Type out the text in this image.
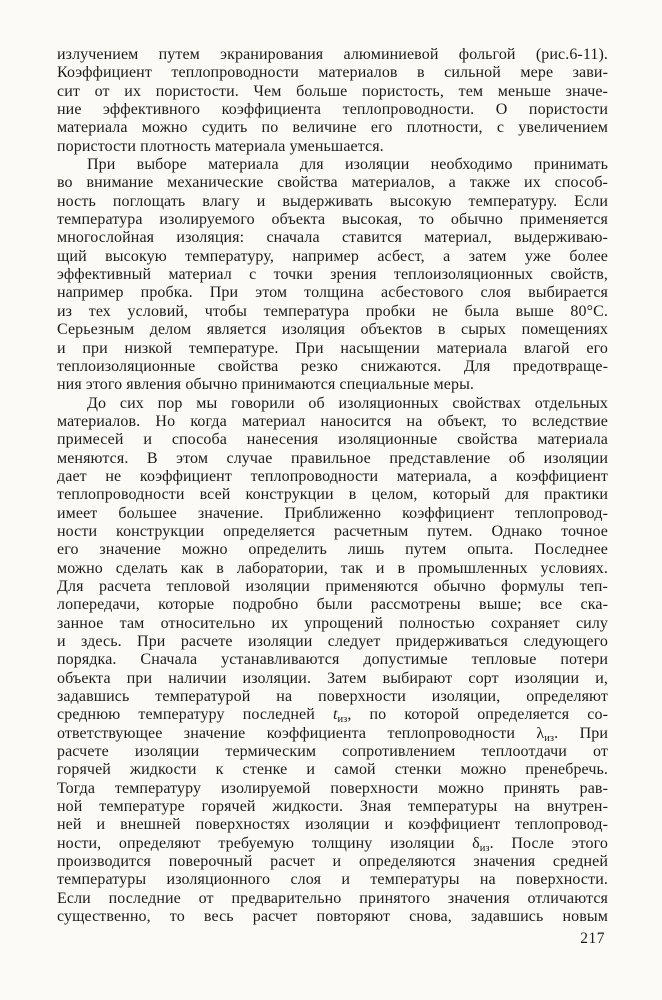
излучением путем экранирования алюминиевой фольгой (рис.6-11).
Коэффициент теплопроводности материалов в сильной мере зави-
сит от их пористости. Чем больше пористость, тем меньше значе-
ние эффективного коэффициента теплопроводности. О пористости
материала можно судить по величине его плотности, с увеличением
пористости плотность материала уменьшается.
При выборе материала для изоляции необходимо принимать
во внимание механические свойства материалов, а также их способ-
ность поглощать влагу и выдерживать высокую температуру. Если
температура изолируемого объекта высокая, то обычно применяется
многослойная изоляция: сначала ставится материал, выдерживаю-
щий высокую температуру, например асбест, а затем уже более
эффективный материал с точки зрения теплоизоляционных свойств,
например пробка. При этом толщина асбестового слоя выбирается
из тех условий, чтобы температура пробки не была выше 80°С.
Серьезным делом является изоляция объектов в сырых помещениях
и при низкой температуре. При насыщении материала влагой его
теплоизоляционные свойства резко снижаются. Для предотвраще-
ния этого явления обычно принимаются специальные меры.
До сих пор мы говорили об изоляционных свойствах отдельных
материалов. Но когда материал наносится на объект, то вследствие
примесей и способа нанесения изоляционные свойства материала
меняются. В этом случае правильное представление об изоляции
дает не коэффициент теплопроводности материала, а коэффициент
теплопроводности всей конструкции в целом, который для практики
имеет большее значение. Приближенно коэффициент теплопровод-
ности конструкции определяется расчетным путем. Однако точное
его значение можно определить лишь путем опыта. Последнее
можно сделать как в лаборатории, так и в промышленных условиях.
Для расчета тепловой изоляции применяются обычно формулы теп-
лопередачи, которые подробно были рассмотрены выше; все ска-
занное там относительно их упрощений полностью сохраняет силу
и здесь. При расчете изоляции следует придерживаться следующего
порядка. Сначала устанавливаются допустимые тепловые потери
объекта при наличии изоляции. Затем выбирают сорт изоляции и,
задавшись температурой на поверхности изоляции, определяют
среднюю температуру последней $t_{из}$, по которой определяется со-
ответствующее значение коэффициента теплопроводности $\lambda_{из}$. При
расчете изоляции термическим сопротивлением теплоотдачи от
горячей жидкости к стенке и самой стенки можно пренебречь.
Тогда температуру изолируемой поверхности можно принять рав-
ной температуре горячей жидкости. Зная температуры на внутрен-
ней и внешней поверхностях изоляции и коэффициент теплопровод-
ности, определяют требуемую толщину изоляции $\delta_{из}$. После этого
производится поверочный расчет и определяются значения средней
температуры изоляционного слоя и температуры на поверхности.
Если последние от предварительно принятого значения отличаются
существенно, то весь расчет повторяют снова, задавшись новым
217
